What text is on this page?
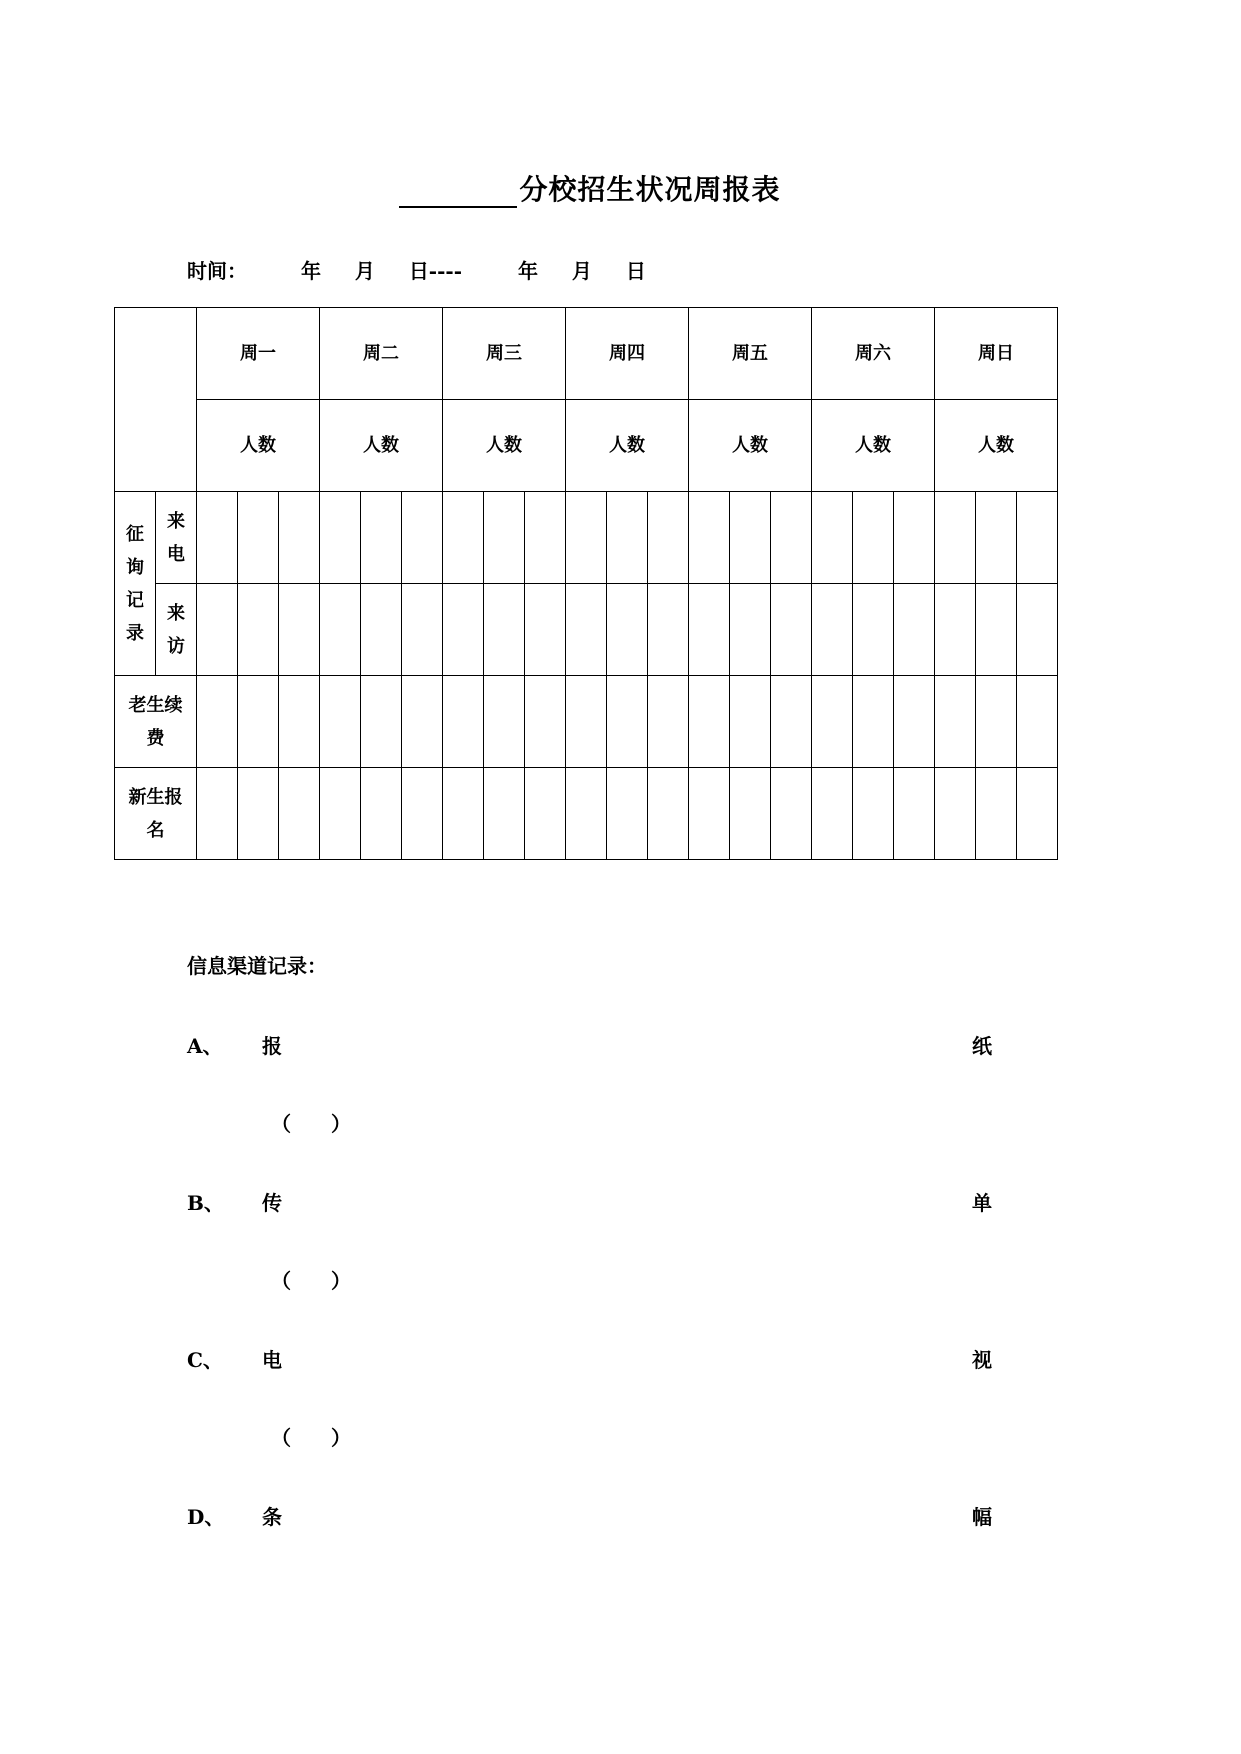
分校招生状况周报表
时间：	年 月 日----	年 月 日
		周一			周二			周三			周四			周五			周六			周日		
		人数			人数			人数			人数			人数			人数			人数		
征询记录	来电																					
	来访																					
老生续费																						
新生报名																						
信息渠道记录：
A、 报	纸
（　　）
B、 传	单
（　　）
C、 电	视
（　　）
D、 条	幅
